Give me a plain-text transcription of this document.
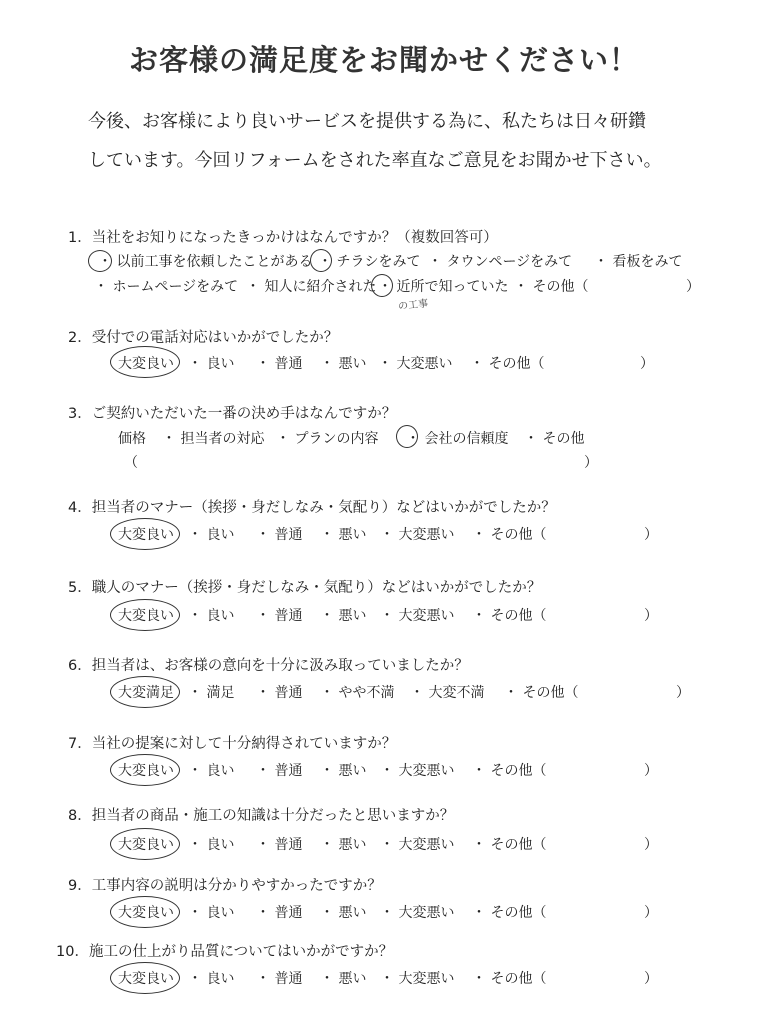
お客様の満足度をお聞かせください！
今後、お客様により良いサービスを提供する為に、私たちは日々研鑽
しています。今回リフォームをされた率直なご意見をお聞かせ下さい。
1．当社をお知りになったきっかけはなんですか？（複数回答可）
・ 以前工事を依頼したことがある ・ チラシをみて ・ タウンページをみて ・ 看板をみて
・ ホームページをみて ・ 知人に紹介された ・ 近所で知っていた
の工事
・ その他（	）
2．受付での電話対応はいかがでしたか？
大変良い ・ 良い ・ 普通 ・ 悪い ・ 大変悪い ・ その他（	）
3．ご契約いただいた一番の決め手はなんですか？
価格 ・ 担当者の対応 ・ プランの内容 ・ 会社の信頼度 ・ その他
（	）
4．担当者のマナー（挨拶・身だしなみ・気配り）などはいかがでしたか？
大変良い ・ 良い ・ 普通 ・ 悪い ・ 大変悪い ・ その他（	）
5．職人のマナー（挨拶・身だしなみ・気配り）などはいかがでしたか？
大変良い ・ 良い ・ 普通 ・ 悪い ・ 大変悪い ・ その他（	）
6．担当者は、お客様の意向を十分に汲み取っていましたか？
大変満足 ・ 満足 ・ 普通 ・ やや不満 ・ 大変不満 ・ その他（	）
7．当社の提案に対して十分納得されていますか？
大変良い ・ 良い ・ 普通 ・ 悪い ・ 大変悪い ・ その他（	）
8．担当者の商品・施工の知識は十分だったと思いますか？
大変良い ・ 良い ・ 普通 ・ 悪い ・ 大変悪い ・ その他（	）
9．工事内容の説明は分かりやすかったですか？
大変良い ・ 良い ・ 普通 ・ 悪い ・ 大変悪い ・ その他（	）
10．施工の仕上がり品質についてはいかがですか？
大変良い ・ 良い ・ 普通 ・ 悪い ・ 大変悪い ・ その他（	）
